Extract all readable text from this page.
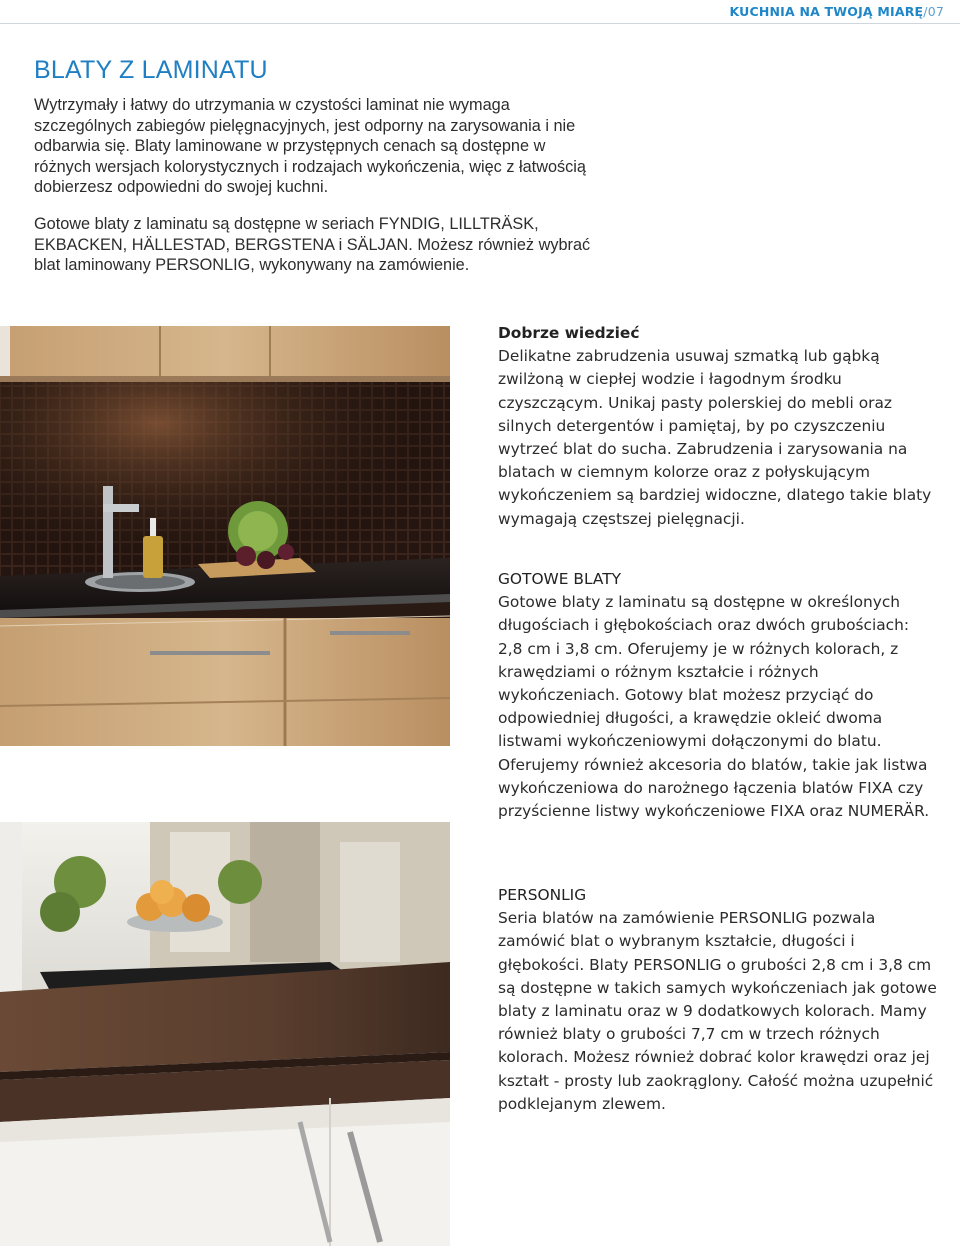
KUCHNIA NA TWOJĄ MIARĘ/07
BLATY Z LAMINATU

Wytrzymały i łatwy do utrzymania w czystości laminat nie wymaga szczególnych zabiegów pielęgnacyjnych, jest odporny na zarysowania i nie odbarwia się. Blaty laminowane w przystępnych cenach są dostępne w różnych wersjach kolorystycznych i rodzajach wykończenia, więc z łatwością dobierzesz odpowiedni do swojej kuchni.

Gotowe blaty z laminatu są dostępne w seriach FYNDIG, LILLTRÄSK, EKBACKEN, HÄLLESTAD, BERGSTENA i SÄLJAN. Możesz również wybrać blat laminowany PERSONLIG, wykonywany na zamówienie.

Dobrze wiedzieć
Delikatne zabrudzenia usuwaj szmatką lub gąbką zwilżoną w ciepłej wodzie i łagodnym środku czyszczącym. Unikaj pasty polerskiej do mebli oraz silnych detergentów i pamiętaj, by po czyszczeniu wytrzeć blat do sucha. Zabrudzenia i zarysowania na blatach w ciemnym kolorze oraz z połyskującym wykończeniem są bardziej widoczne, dlatego takie blaty wymagają częstszej pielęgnacji.
GOTOWE BLATY
Gotowe blaty z laminatu są dostępne w określonych długościach i głębokościach oraz dwóch grubościach: 2,8 cm i 3,8 cm. Oferujemy je w różnych kolorach, z krawędziami o różnym kształcie i różnych wykończeniach. Gotowy blat możesz przyciąć do odpowiedniej długości, a krawędzie okleić dwoma listwami wykończeniowymi dołączonymi do blatu. Oferujemy również akcesoria do blatów, takie jak listwa wykończeniowa do narożnego łączenia blatów FIXA czy przyścienne listwy wykończeniowe FIXA oraz NUMERÄR.
PERSONLIG
Seria blatów na zamówienie PERSONLIG pozwala zamówić blat o wybranym kształcie, długości i głębokości. Blaty PERSONLIG o grubości 2,8 cm i 3,8 cm są dostępne w takich samych wykończeniach jak gotowe blaty z laminatu oraz w 9 dodatkowych kolorach. Mamy również blaty o grubości 7,7 cm w trzech różnych kolorach. Możesz również dobrać kolor krawędzi oraz jej kształt - prosty lub zaokrąglony. Całość można uzupełnić podklejanym zlewem.
